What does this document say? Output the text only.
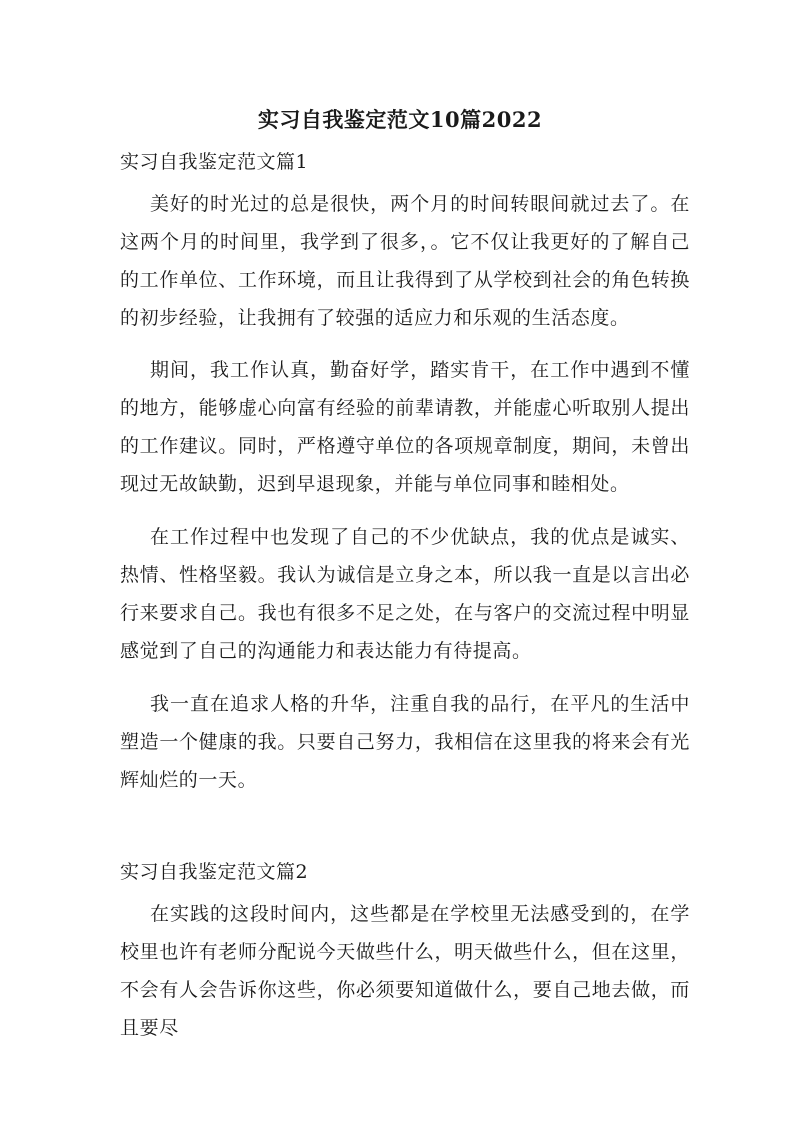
实习自我鉴定范文10篇2022
实习自我鉴定范文篇1

美好的时光过的总是很快，两个月的时间转眼间就过去了。在这两个月的时间里，我学到了很多，。它不仅让我更好的了解自己的工作单位、工作环境，而且让我得到了从学校到社会的角色转换的初步经验，让我拥有了较强的适应力和乐观的生活态度。

期间，我工作认真，勤奋好学，踏实肯干，在工作中遇到不懂的地方，能够虚心向富有经验的前辈请教，并能虚心听取别人提出的工作建议。同时，严格遵守单位的各项规章制度，期间，未曾出现过无故缺勤，迟到早退现象，并能与单位同事和睦相处。

在工作过程中也发现了自己的不少优缺点，我的优点是诚实、热情、性格坚毅。我认为诚信是立身之本，所以我一直是以言出必行来要求自己。我也有很多不足之处，在与客户的交流过程中明显感觉到了自己的沟通能力和表达能力有待提高。

我一直在追求人格的升华，注重自我的品行，在平凡的生活中塑造一个健康的我。只要自己努力，我相信在这里我的将来会有光辉灿烂的一天。

实习自我鉴定范文篇2

在实践的这段时间内，这些都是在学校里无法感受到的，在学校里也许有老师分配说今天做些什么，明天做些什么，但在这里，不会有人会告诉你这些，你必须要知道做什么，要自己地去做，而且要尽
